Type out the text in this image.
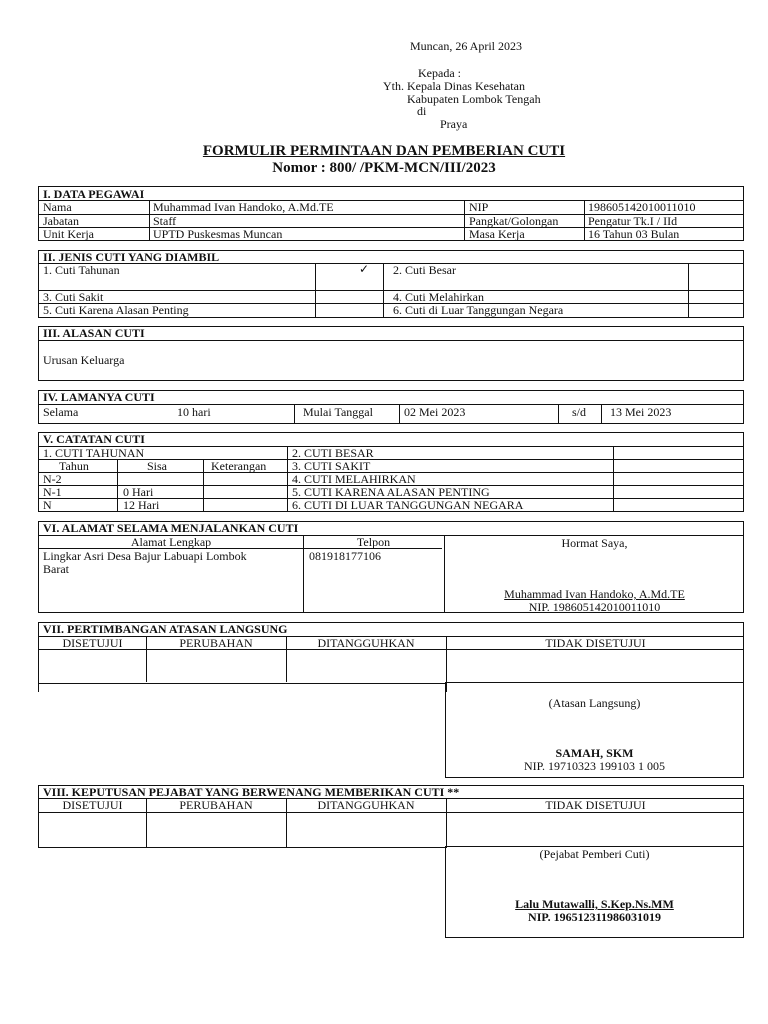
Muncan, 26 April 2023
Kepada :
Yth. Kepala Dinas Kesehatan
Kabupaten Lombok Tengah
di
Praya
FORMULIR PERMINTAAN DAN PEMBERIAN CUTI
Nomor : 800/ /PKM-MCN/III/2023
I. DATA PEGAWAI
Nama	Muhammad Ivan Handoko, A.Md.TE	NIP	198605142010011010
Jabatan	Staff	Pangkat/Golongan Pengatur Tk.I / IId
Unit Kerja	UPTD Puskesmas Muncan	Masa Kerja	16 Tahun 03 Bulan
II. JENIS CUTI YANG DIAMBIL
1. Cuti Tahunan	✓ 2. Cuti Besar
3. Cuti Sakit	4. Cuti Melahirkan
5. Cuti Karena Alasan Penting	6. Cuti di Luar Tanggungan Negara
III. ALASAN CUTI
Urusan Keluarga
IV. LAMANYA CUTI
Selama	10 hari	Mulai Tanggal	02 Mei 2023	s/d 13 Mei 2023
V. CATATAN CUTI
1. CUTI TAHUNAN
Tahun	Sisa	Keterangan
N-2
N-1	0 Hari
N	12 Hari
2. CUTI BESAR
3. CUTI SAKIT
4. CUTI MELAHIRKAN
5. CUTI KARENA ALASAN PENTING
6. CUTI DI LUAR TANGGUNGAN NEGARA
VI. ALAMAT SELAMA MENJALANKAN CUTI
Alamat Lengkap	Telpon
Lingkar Asri Desa Bajur Labuapi Lombok
Barat
081918177106
Hormat Saya,
Muhammad Ivan Handoko, A.Md.TE
NIP. 198605142010011010
VII. PERTIMBANGAN ATASAN LANGSUNG
DISETUJUI	PERUBAHAN	DITANGGUHKAN	TIDAK DISETUJUI
(Atasan Langsung)
SAMAH, SKM
NIP. 19710323 199103 1 005
VIII. KEPUTUSAN PEJABAT YANG BERWENANG MEMBERIKAN CUTI **
DISETUJUI	PERUBAHAN	DITANGGUHKAN	TIDAK DISETUJUI
(Pejabat Pemberi Cuti)
Lalu Mutawalli, S.Kep.Ns.MM
NIP. 196512311986031019
